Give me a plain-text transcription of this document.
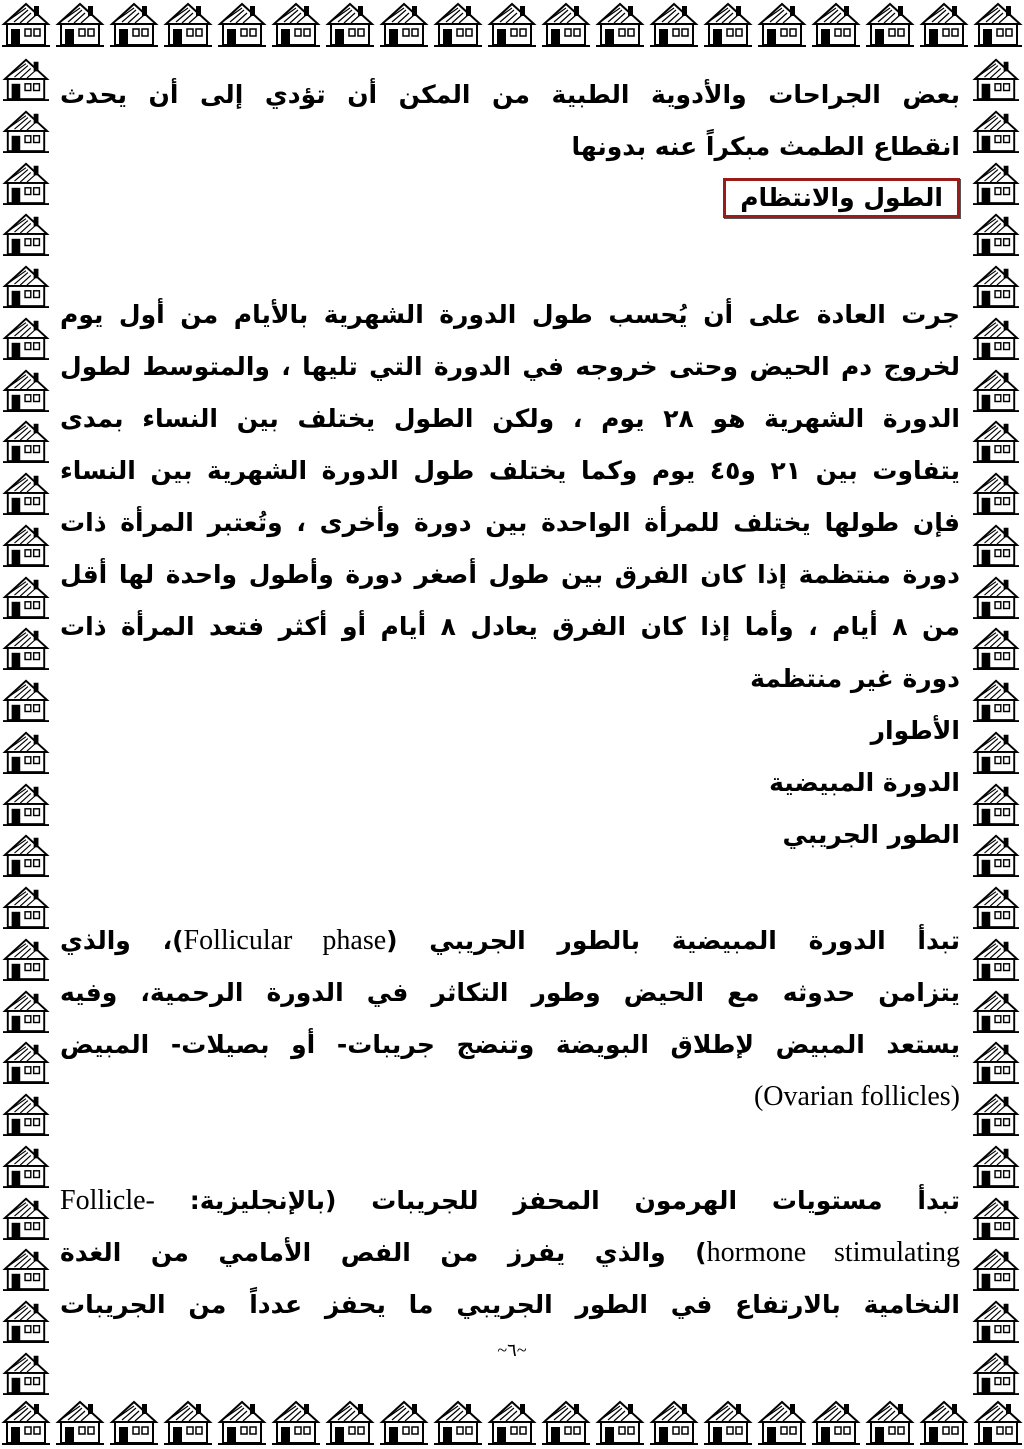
بعض الجراحات والأدوية الطبية من المكن أن تؤدي إلى أن يحدث
انقطاع الطمث مبكراً عنه بدونها
الطول والانتظام
جرت العادة على أن يُحسب طول الدورة الشهرية بالأيام من أول يوم
لخروج دم الحيض وحتى خروجه في الدورة التي تليها ، والمتوسط لطول
الدورة الشهرية هو ٢٨ يوم ، ولكن الطول يختلف بين النساء بمدى
يتفاوت بين ٢١ و٤٥ يوم وكما يختلف طول الدورة الشهرية بين النساء
فإن طولها يختلف للمرأة الواحدة بين دورة وأخرى ، وتُعتبر المرأة ذات
دورة منتظمة إذا كان الفرق بين طول أصغر دورة وأطول واحدة لها أقل
من ٨ أيام ، وأما إذا كان الفرق يعادل ٨ أيام أو أكثر فتعد المرأة ذات
دورة غير منتظمة
الأطوار
الدورة المبيضية
الطور الجريبي
تبدأ الدورة المبيضية بالطور الجريبي (Follicular phase)، والذي
يتزامن حدوثه مع الحيض وطور التكاثر في الدورة الرحمية، وفيه
يستعد المبيض لإطلاق البويضة وتنضج جريبات- أو بصيلات- المبيض
(Ovarian follicles)
تبدأ مستويات الهرمون المحفز للجريبات (بالإنجليزية: -Follicle
hormone stimulating) والذي يفرز من الفص الأمامي من الغدة
النخامية بالارتفاع في الطور الجريبي ما يحفز عدداً من الجريبات
~٦~
